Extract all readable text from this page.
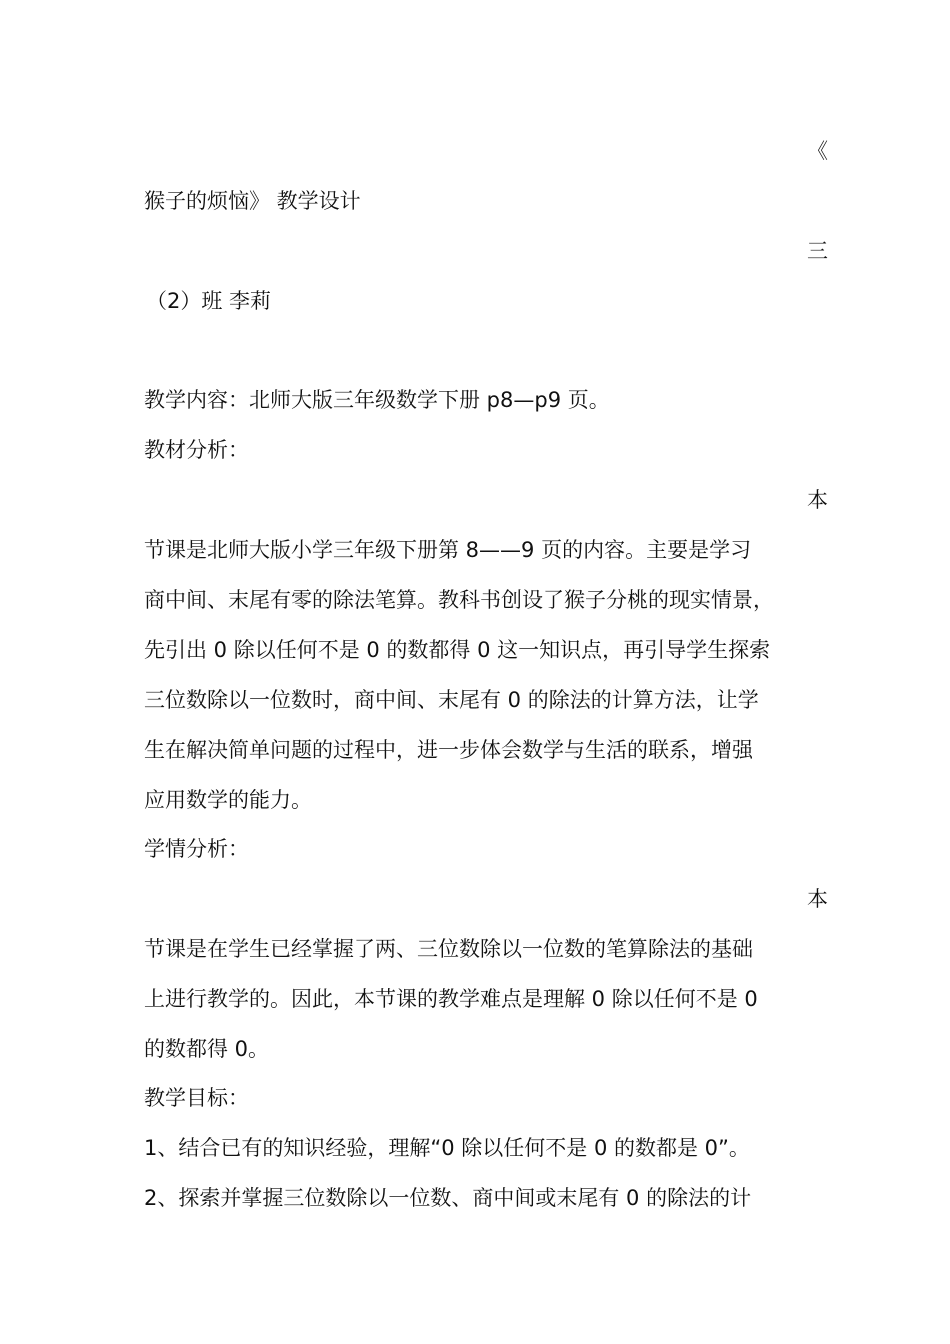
《
猴子的烦恼》 教学设计
三
（2）班 李莉
教学内容：北师大版三年级数学下册 p8—p9 页。
教材分析：
本
节课是北师大版小学三年级下册第 8——9 页的内容。主要是学习
商中间、末尾有零的除法笔算。教科书创设了猴子分桃的现实情景，
先引出 0 除以任何不是 0 的数都得 0 这一知识点，再引导学生探索
三位数除以一位数时，商中间、末尾有 0 的除法的计算方法，让学
生在解决简单问题的过程中，进一步体会数学与生活的联系，增强
应用数学的能力。
学情分析：
本
节课是在学生已经掌握了两、三位数除以一位数的笔算除法的基础
上进行教学的。因此，本节课的教学难点是理解 0 除以任何不是 0
的数都得 0。
教学目标：
1、结合已有的知识经验，理解“0 除以任何不是 0 的数都是 0”。
2、探索并掌握三位数除以一位数、商中间或末尾有 0 的除法的计
